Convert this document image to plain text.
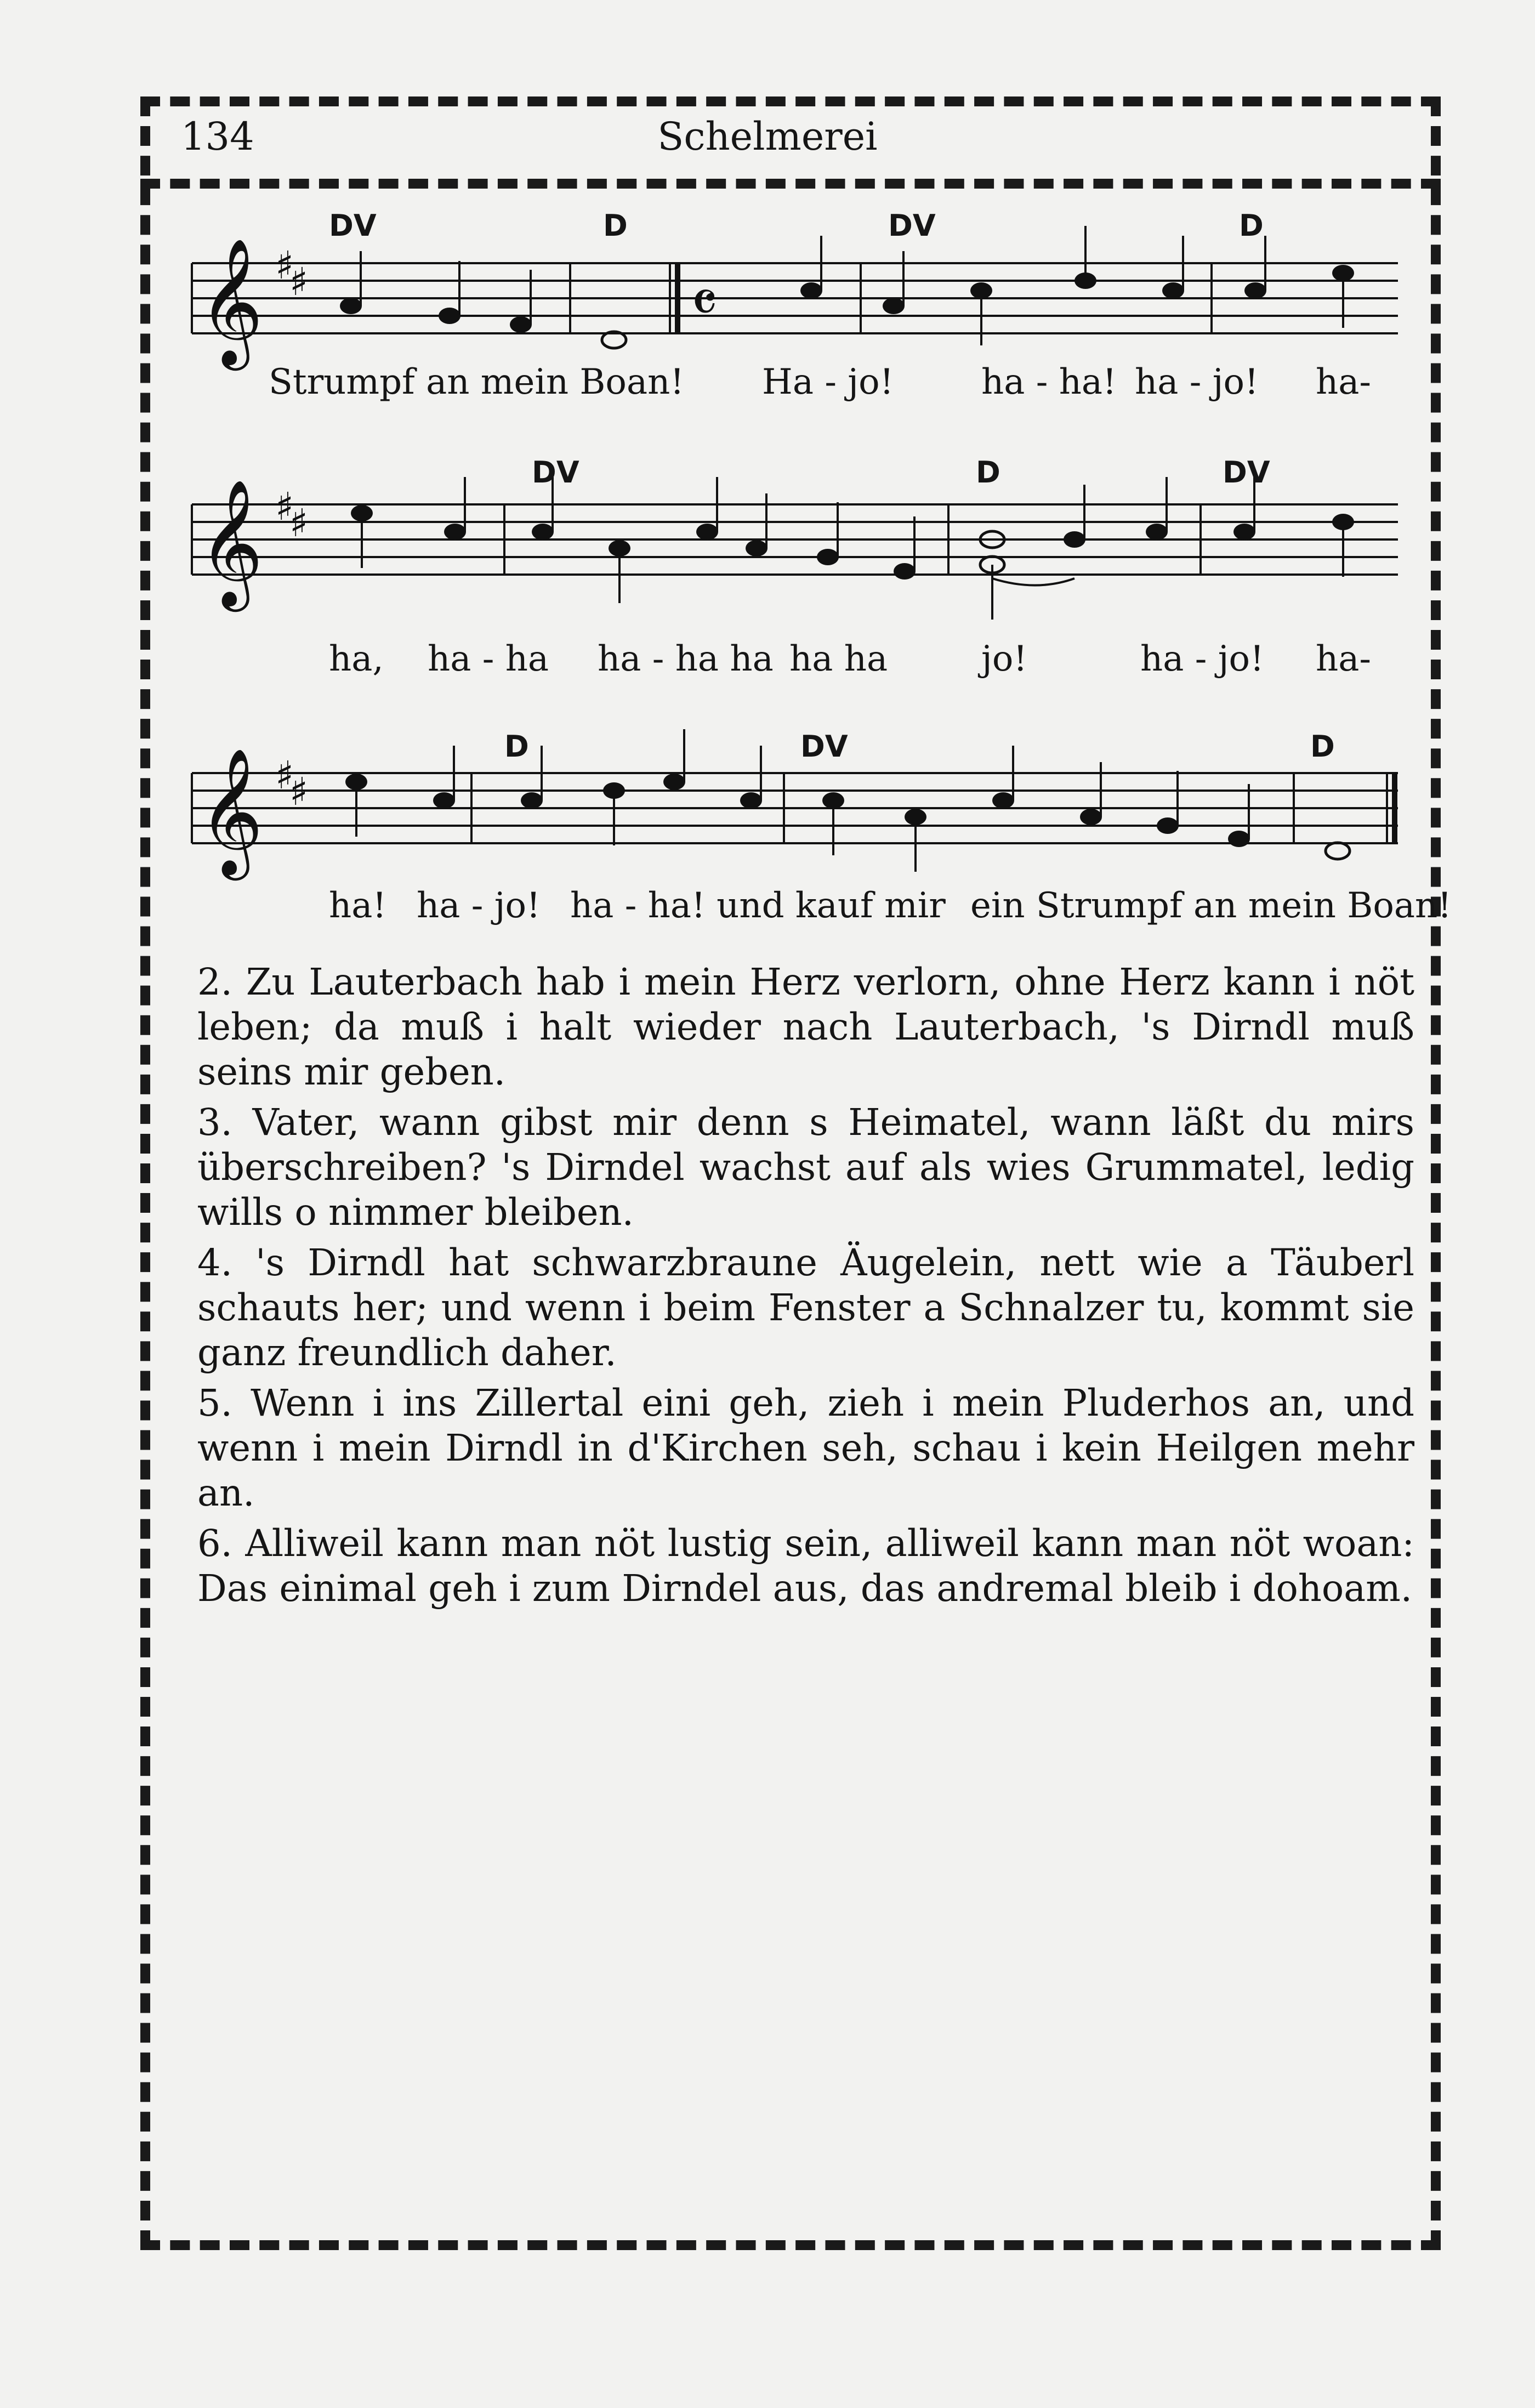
134	Schelmerei
𝄞 ♯
♯	𝄴
DV	D	DV	D
Strumpf an mein Boan! Ha - jo! ha - ha! ha - jo! ha-
𝄞 ♯
♯
DV	D	DV
ha, ha - ha ha - ha ha ha ha	jo!	ha - jo! ha-
𝄞 ♯
♯
D	DV	D
ha! ha - jo! ha - ha! und kauf mir ein Strumpf an mein Boan!

2. Zu Lauterbach hab i mein Herz verlorn, ohne Herz kann i nöt leben; da muß i halt wieder nach Lauterbach, 's Dirndl muß seins mir geben.

3. Vater, wann gibst mir denn s Heimatel, wann läßt du mirs überschreiben? 's Dirndel wachst auf als wies Grummatel, ledig wills o nimmer bleiben.

4. 's Dirndl hat schwarzbraune Äugelein, nett wie a Täuberl schauts her; und wenn i beim Fenster a Schnalzer tu, kommt sie ganz freundlich daher.

5. Wenn i ins Zillertal eini geh, zieh i mein Pluderhos an, und wenn i mein Dirndl in d'Kirchen seh, schau i kein Heilgen mehr an.

6. Alliweil kann man nöt lustig sein, alliweil kann man nöt woan: Das einimal geh i zum Dirndel aus, das andremal bleib i dohoam.
